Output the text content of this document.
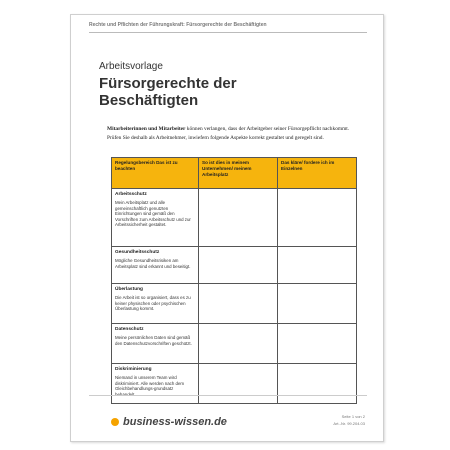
Rechte und Pflichten der Führungskraft: Fürsorgerechte der Beschäftigten
Arbeitsvorlage
Fürsorgerechte der Beschäftigten
Mitarbeiterinnen und Mitarbeiter können verlangen, dass der Arbeitgeber seiner Fürsorgepflicht nachkommt. Prüfen Sie deshalb als Arbeitnehmer, inwiefern folgende Aspekte korrekt gestaltet und geregelt sind.
Regelungsbereich Das ist zu beachten	So ist dies in meinem Unternehmen/ meinem Arbeitsplatz	Das kläre/ fordere ich im Einzelnen

Arbeitsschutz
Mein Arbeitsplatz und alle gemeinschaftlich genutzten Einrichtungen sind gemäß den Vorschriften zum Arbeitsschutz und zur Arbeitssicherheit gestaltet.		

Gesundheitsschutz
Mögliche Gesundheitsrisiken am Arbeitsplatz sind erkannt und beseitigt.		

Überlastung
Die Arbeit ist so organisiert, dass es zu keiner physischen oder psychischen Überlastung kommt.		

Datenschutz
Meine persönlichen Daten sind gemäß den Datenschutzvorschriften geschützt.		

Diskriminierung
Niemand in unserem Team wird diskriminiert. Alle werden nach dem Gleichbehandlungs-grundsatz behandelt.		

business-wissen.de	Seite 1 von 2
Art.-Nr. 99.204.03
